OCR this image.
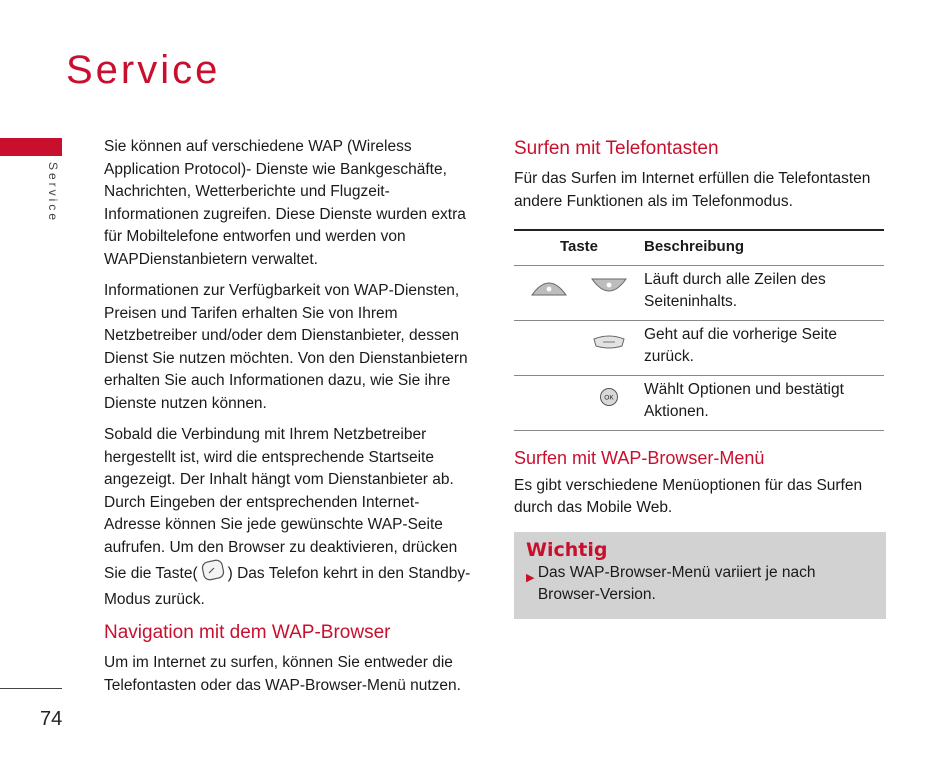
Service
Service
74

Sie können auf verschiedene WAP (Wireless Application Protocol)- Dienste wie Bankgeschäfte, Nachrichten, Wetterberichte und Flugzeit-Informationen zugreifen. Diese Dienste wurden extra für Mobiltelefone entworfen und werden von WAPDienstanbietern verwaltet.

Informationen zur Verfügbarkeit von WAP-Diensten, Preisen und Tarifen erhalten Sie von Ihrem Netzbetreiber und/oder dem Dienstanbieter, dessen Dienst Sie nutzen möchten. Von den Dienstanbietern erhalten Sie auch Informationen dazu, wie Sie ihre Dienste nutzen können.

Sobald die Verbindung mit Ihrem Netzbetreiber hergestellt ist, wird die entsprechende Startseite angezeigt. Der Inhalt hängt vom Dienstanbieter ab. Durch Eingeben der entsprechenden Internet-Adresse können Sie jede gewünschte WAP-Seite aufrufen. Um den Browser zu deaktivieren, drücken Sie die Taste( ) Das Telefon kehrt in den Standby-Modus zurück.

Navigation mit dem WAP-Browser

Um im Internet zu surfen, können Sie entweder die Telefontasten oder das WAP-Browser-Menü nutzen.

Surfen mit Telefontasten

Für das Surfen im Internet erfüllen die Telefontasten andere Funktionen als im Telefonmodus.

Taste	Beschreibung
	Läuft durch alle Zeilen des Seiteninhalts.
	Geht auf die vorherige Seite zurück.

OK	Wählt Optionen und bestätigt Aktionen.
Surfen mit WAP-Browser-Menü

Es gibt verschiedene Menüoptionen für das Surfen durch das Mobile Web.

Wichtig
▶ Das WAP-Browser-Menü variiert je nach Browser-Version.
